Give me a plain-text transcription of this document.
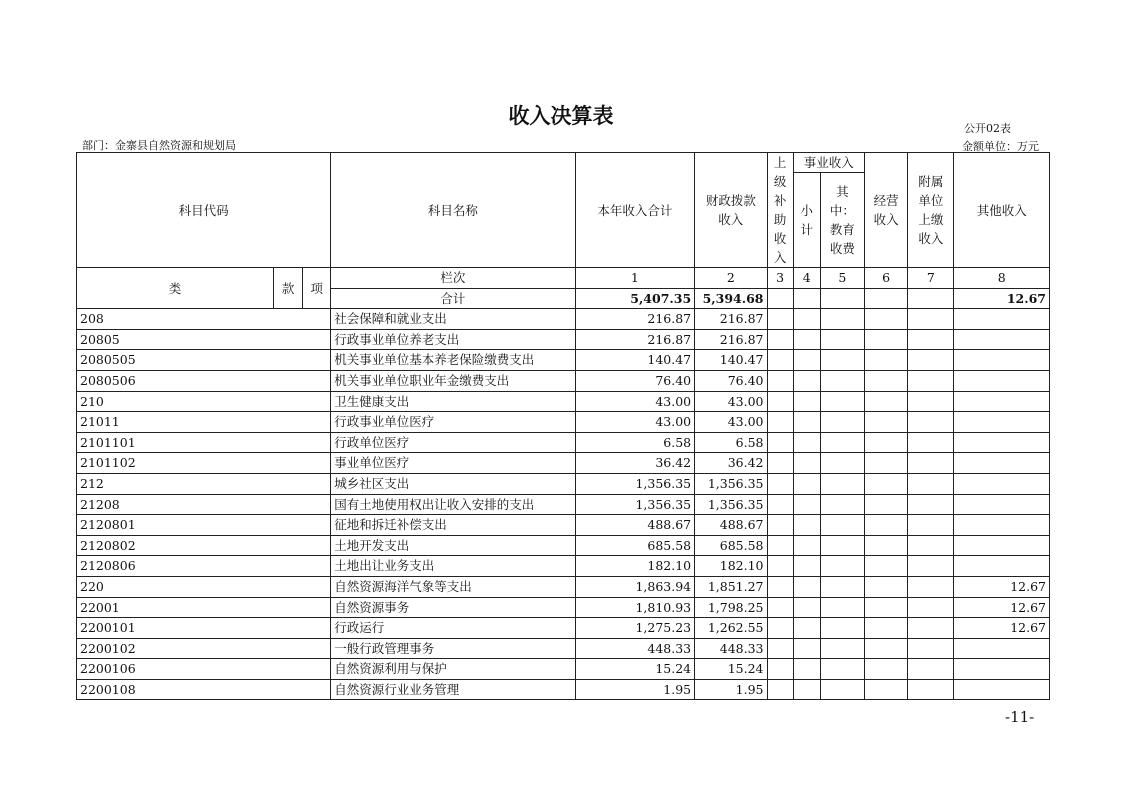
收入决算表
公开02表
部门：金寨县自然资源和规划局	金额单位：万元
科目代码			科目名称	本年收入合计	财政拨款收入	上级补助收入	事业收入		经营收入	附属单位上缴收入	其他收入

							小计	其中：教育收费			

类	款	项	栏次	1	2	3	4	5	6	7	8
			合计	5,407.35	5,394.68						12.67
208			社会保障和就业支出	216.87	216.87						
20805			行政事业单位养老支出	216.87	216.87						
2080505			机关事业单位基本养老保险缴费支出	140.47	140.47						
2080506			机关事业单位职业年金缴费支出	76.40	76.40						
210			卫生健康支出	43.00	43.00						
21011			行政事业单位医疗	43.00	43.00						
2101101			行政单位医疗	6.58	6.58						
2101102			事业单位医疗	36.42	36.42						
212			城乡社区支出	1,356.35	1,356.35						
21208			国有土地使用权出让收入安排的支出	1,356.35	1,356.35						
2120801			征地和拆迁补偿支出	488.67	488.67						
2120802			土地开发支出	685.58	685.58						
2120806			土地出让业务支出	182.10	182.10						
220			自然资源海洋气象等支出	1,863.94	1,851.27						12.67
22001			自然资源事务	1,810.93	1,798.25						12.67
2200101			行政运行	1,275.23	1,262.55						12.67
2200102			一般行政管理事务	448.33	448.33						
2200106			自然资源利用与保护	15.24	15.24						
2200108			自然资源行业业务管理	1.95	1.95						
-11-
